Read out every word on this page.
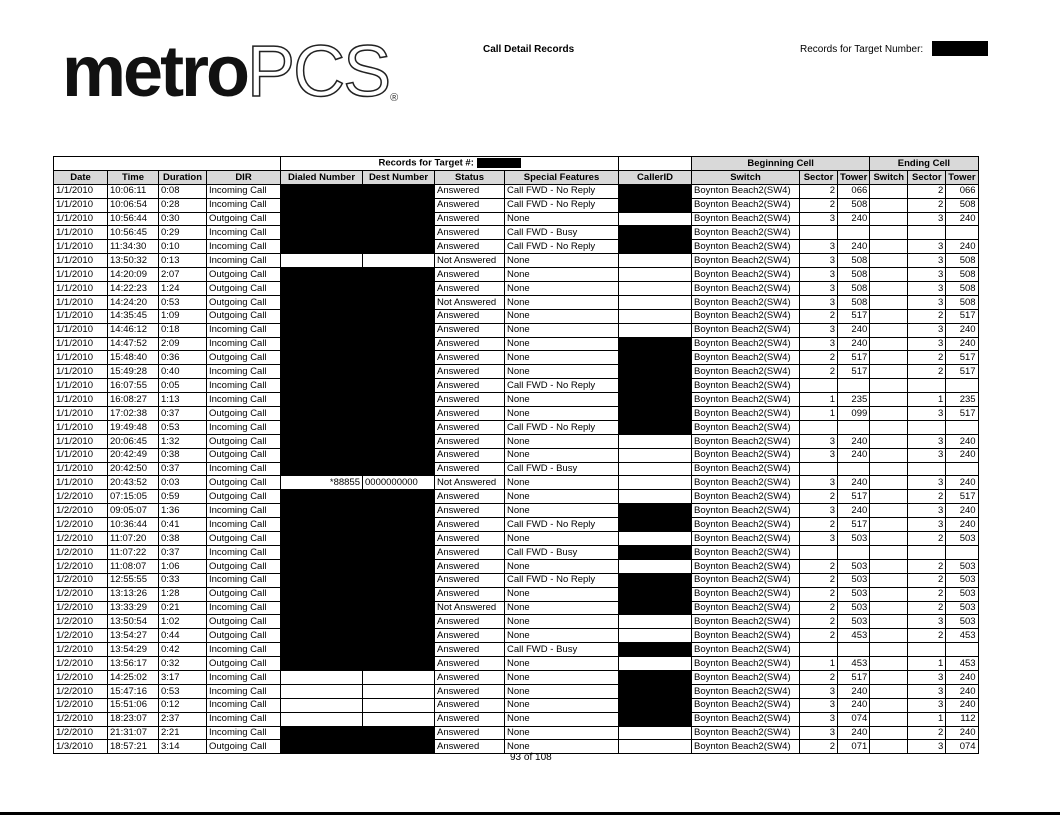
metro PCS ®
Call Detail Records	Records for Target Number:
				Records for Target #:					Beginning Cell			Ending Cell		
Date	Time	Duration	DIR	Dialed Number	Dest Number	Status	Special Features	CallerID	Switch	Sector	Tower	Switch	Sector	Tower
1/1/2010	10:06:11	0:08	Incoming Call			Answered	Call FWD - No Reply		Boynton Beach2(SW4)	2	066		2	066
1/1/2010	10:06:54	0:28	Incoming Call			Answered	Call FWD - No Reply		Boynton Beach2(SW4)	2	508		2	508
1/1/2010	10:56:44	0:30	Outgoing Call			Answered	None		Boynton Beach2(SW4)	3	240		3	240
1/1/2010	10:56:45	0:29	Incoming Call			Answered	Call FWD - Busy		Boynton Beach2(SW4)					
1/1/2010	11:34:30	0:10	Incoming Call			Answered	Call FWD - No Reply		Boynton Beach2(SW4)	3	240		3	240
1/1/2010	13:50:32	0:13	Incoming Call			Not Answered	None		Boynton Beach2(SW4)	3	508		3	508
1/1/2010	14:20:09	2:07	Outgoing Call			Answered	None		Boynton Beach2(SW4)	3	508		3	508
1/1/2010	14:22:23	1:24	Outgoing Call			Answered	None		Boynton Beach2(SW4)	3	508		3	508
1/1/2010	14:24:20	0:53	Outgoing Call			Not Answered	None		Boynton Beach2(SW4)	3	508		3	508
1/1/2010	14:35:45	1:09	Outgoing Call			Answered	None		Boynton Beach2(SW4)	2	517		2	517
1/1/2010	14:46:12	0:18	Incoming Call			Answered	None		Boynton Beach2(SW4)	3	240		3	240
1/1/2010	14:47:52	2:09	Incoming Call			Answered	None		Boynton Beach2(SW4)	3	240		3	240
1/1/2010	15:48:40	0:36	Outgoing Call			Answered	None		Boynton Beach2(SW4)	2	517		2	517
1/1/2010	15:49:28	0:40	Incoming Call			Answered	None		Boynton Beach2(SW4)	2	517		2	517
1/1/2010	16:07:55	0:05	Incoming Call			Answered	Call FWD - No Reply		Boynton Beach2(SW4)					
1/1/2010	16:08:27	1:13	Incoming Call			Answered	None		Boynton Beach2(SW4)	1	235		1	235
1/1/2010	17:02:38	0:37	Outgoing Call			Answered	None		Boynton Beach2(SW4)	1	099		3	517
1/1/2010	19:49:48	0:53	Incoming Call			Answered	Call FWD - No Reply		Boynton Beach2(SW4)					
1/1/2010	20:06:45	1:32	Outgoing Call			Answered	None		Boynton Beach2(SW4)	3	240		3	240
1/1/2010	20:42:49	0:38	Outgoing Call			Answered	None		Boynton Beach2(SW4)	3	240		3	240
1/1/2010	20:42:50	0:37	Incoming Call			Answered	Call FWD - Busy		Boynton Beach2(SW4)					
1/1/2010	20:43:52	0:03	Outgoing Call	*88855	0000000000	Not Answered	None		Boynton Beach2(SW4)	3	240		3	240
1/2/2010	07:15:05	0:59	Outgoing Call			Answered	None		Boynton Beach2(SW4)	2	517		2	517
1/2/2010	09:05:07	1:36	Incoming Call			Answered	None		Boynton Beach2(SW4)	3	240		3	240
1/2/2010	10:36:44	0:41	Incoming Call			Answered	Call FWD - No Reply		Boynton Beach2(SW4)	2	517		3	240
1/2/2010	11:07:20	0:38	Outgoing Call			Answered	None		Boynton Beach2(SW4)	3	503		2	503
1/2/2010	11:07:22	0:37	Incoming Call			Answered	Call FWD - Busy		Boynton Beach2(SW4)					
1/2/2010	11:08:07	1:06	Outgoing Call			Answered	None		Boynton Beach2(SW4)	2	503		2	503
1/2/2010	12:55:55	0:33	Incoming Call			Answered	Call FWD - No Reply		Boynton Beach2(SW4)	2	503		2	503
1/2/2010	13:13:26	1:28	Outgoing Call			Answered	None		Boynton Beach2(SW4)	2	503		2	503
1/2/2010	13:33:29	0:21	Incoming Call			Not Answered	None		Boynton Beach2(SW4)	2	503		2	503
1/2/2010	13:50:54	1:02	Outgoing Call			Answered	None		Boynton Beach2(SW4)	2	503		3	503
1/2/2010	13:54:27	0:44	Outgoing Call			Answered	None		Boynton Beach2(SW4)	2	453		2	453
1/2/2010	13:54:29	0:42	Incoming Call			Answered	Call FWD - Busy		Boynton Beach2(SW4)					
1/2/2010	13:56:17	0:32	Outgoing Call			Answered	None		Boynton Beach2(SW4)	1	453		1	453
1/2/2010	14:25:02	3:17	Incoming Call			Answered	None		Boynton Beach2(SW4)	2	517		3	240
1/2/2010	15:47:16	0:53	Incoming Call			Answered	None		Boynton Beach2(SW4)	3	240		3	240
1/2/2010	15:51:06	0:12	Incoming Call			Answered	None		Boynton Beach2(SW4)	3	240		3	240
1/2/2010	18:23:07	2:37	Incoming Call			Answered	None		Boynton Beach2(SW4)	3	074		1	112
1/2/2010	21:31:07	2:21	Incoming Call			Answered	None		Boynton Beach2(SW4)	3	240		2	240
1/3/2010	18:57:21	3:14	Outgoing Call			Answered	None		Boynton Beach2(SW4)	2	071		3	074
93 of 108
